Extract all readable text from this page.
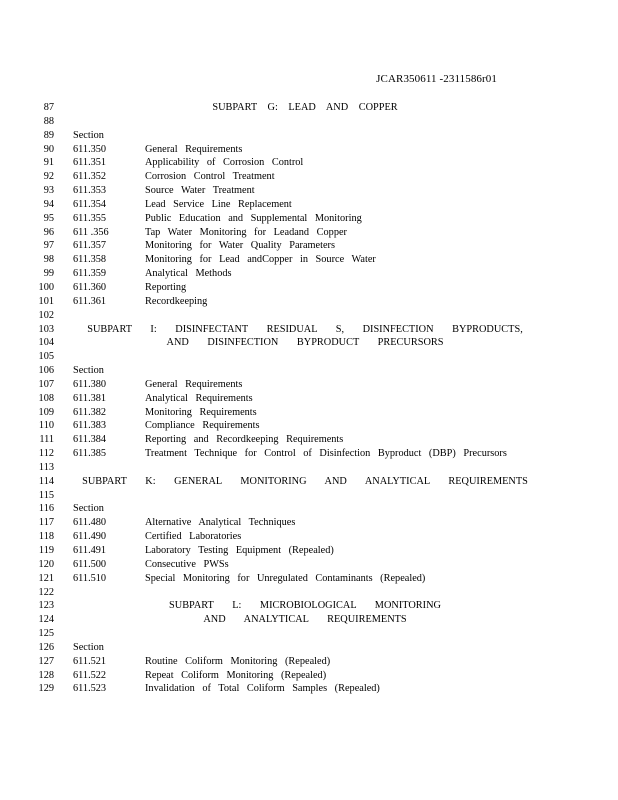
JCAR350611 -2311586r01
87	SUBPART G: LEAD AND COPPER
88
89 Section
90 611.350	General Requirements
91 611.351	Applicability of Corrosion Control
92 611.352	Corrosion Control Treatment
93 611.353	Source Water Treatment
94 611.354	Lead Service Line Replacement
95 611.355	Public Education and Supplemental Monitoring
96 611 .356	Tap Water Monitoring for Leadand Copper
97 611.357	Monitoring for Water Quality Parameters
98 611.358	Monitoring for Lead andCopper in Source Water
99 611.359	Analytical Methods
100 611.360	Reporting
101 611.361	Recordkeeping
102
103	SUBPART I: DISINFECTANT RESIDUAL S, DISINFECTION BYPRODUCTS,
104	AND DISINFECTION BYPRODUCT PRECURSORS
105
106 Section
107 611.380	General Requirements
108 611.381	Analytical Requirements
109 611.382	Monitoring Requirements
110 611.383	Compliance Requirements
111 611.384	Reporting and Recordkeeping Requirements
112 611.385	Treatment Technique for Control of Disinfection Byproduct (DBP) Precursors
113
114	SUBPART K: GENERAL MONITORING AND ANALYTICAL REQUIREMENTS
115
116 Section
117 611.480	Alternative Analytical Techniques
118 611.490	Certified Laboratories
119 611.491	Laboratory Testing Equipment (Repealed)
120 611.500	Consecutive PWSs
121 611.510	Special Monitoring for Unregulated Contaminants (Repealed)
122
123	SUBPART L: MICROBIOLOGICAL MONITORING
124	AND ANALYTICAL REQUIREMENTS
125
126 Section
127 611.521	Routine Coliform Monitoring (Repealed)
128 611.522	Repeat Coliform Monitoring (Repealed)
129 611.523	Invalidation of Total Coliform Samples (Repealed)
